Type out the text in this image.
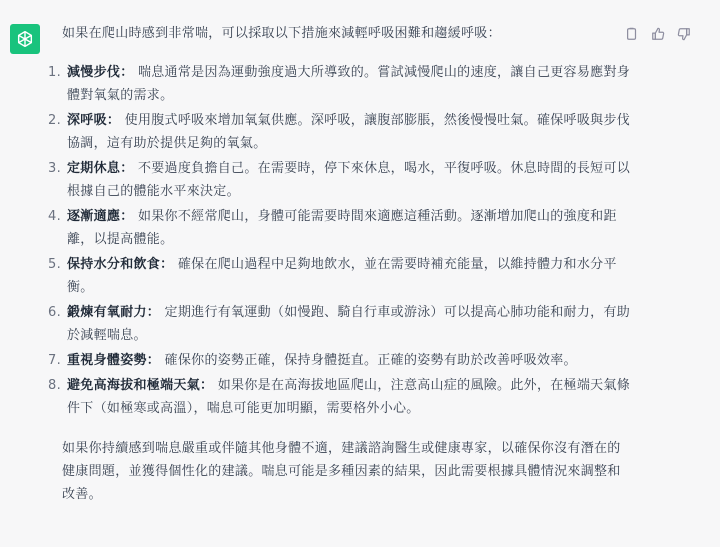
如果在爬山時感到非常喘，可以採取以下措施來減輕呼吸困難和趨緩呼吸：

1. 減慢步伐： 喘息通常是因為運動強度過大所導致的。嘗試減慢爬山的速度，讓自己更容易應對身體對氧氣的需求。
2. 深呼吸： 使用腹式呼吸來增加氧氣供應。深呼吸，讓腹部膨脹，然後慢慢吐氣。確保呼吸與步伐協調，這有助於提供足夠的氧氣。
3. 定期休息： 不要過度負擔自己。在需要時，停下來休息，喝水，平復呼吸。休息時間的長短可以根據自己的體能水平來決定。
4. 逐漸適應： 如果你不經常爬山，身體可能需要時間來適應這種活動。逐漸增加爬山的強度和距離，以提高體能。
5. 保持水分和飲食： 確保在爬山過程中足夠地飲水，並在需要時補充能量，以維持體力和水分平衡。
6. 鍛煉有氧耐力： 定期進行有氧運動（如慢跑、騎自行車或游泳）可以提高心肺功能和耐力，有助於減輕喘息。
7. 重視身體姿勢： 確保你的姿勢正確，保持身體挺直。正確的姿勢有助於改善呼吸效率。
8. 避免高海拔和極端天氣： 如果你是在高海拔地區爬山，注意高山症的風險。此外，在極端天氣條件下（如極寒或高溫），喘息可能更加明顯，需要格外小心。

如果你持續感到喘息嚴重或伴隨其他身體不適，建議諮詢醫生或健康專家，以確保你沒有潛在的健康問題，並獲得個性化的建議。喘息可能是多種因素的結果，因此需要根據具體情況來調整和改善。
